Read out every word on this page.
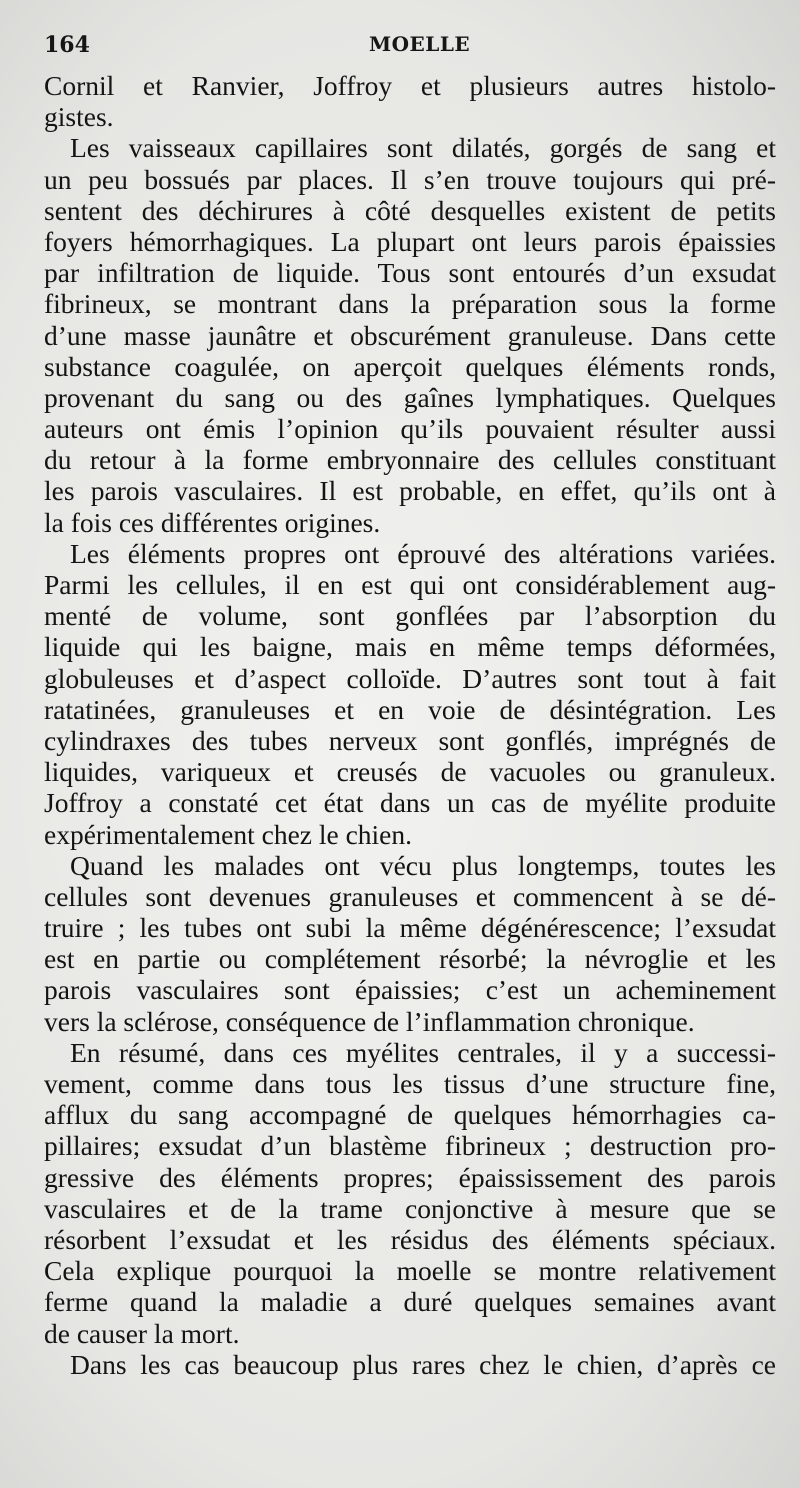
164	MOELLE
Cornil et Ranvier, Joffroy et plusieurs autres histolo-
gistes.
Les vaisseaux capillaires sont dilatés, gorgés de sang et
un peu bossués par places. Il s’en trouve toujours qui pré-
sentent des déchirures à côté desquelles existent de petits
foyers hémorrhagiques. La plupart ont leurs parois épaissies
par infiltration de liquide. Tous sont entourés d’un exsudat
fibrineux, se montrant dans la préparation sous la forme
d’une masse jaunâtre et obscurément granuleuse. Dans cette
substance coagulée, on aperçoit quelques éléments ronds,
provenant du sang ou des gaînes lymphatiques. Quelques
auteurs ont émis l’opinion qu’ils pouvaient résulter aussi
du retour à la forme embryonnaire des cellules constituant
les parois vasculaires. Il est probable, en effet, qu’ils ont à
la fois ces différentes origines.
Les éléments propres ont éprouvé des altérations variées.
Parmi les cellules, il en est qui ont considérablement aug-
menté de volume, sont gonflées par l’absorption du
liquide qui les baigne, mais en même temps déformées,
globuleuses et d’aspect colloïde. D’autres sont tout à fait
ratatinées, granuleuses et en voie de désintégration. Les
cylindraxes des tubes nerveux sont gonflés, imprégnés de
liquides, variqueux et creusés de vacuoles ou granuleux.
Joffroy a constaté cet état dans un cas de myélite produite
expérimentalement chez le chien.
Quand les malades ont vécu plus longtemps, toutes les
cellules sont devenues granuleuses et commencent à se dé-
truire ; les tubes ont subi la même dégénérescence; l’exsudat
est en partie ou complétement résorbé; la névroglie et les
parois vasculaires sont épaissies; c’est un acheminement
vers la sclérose, conséquence de l’inflammation chronique.
En résumé, dans ces myélites centrales, il y a successi-
vement, comme dans tous les tissus d’une structure fine,
afflux du sang accompagné de quelques hémorrhagies ca-
pillaires; exsudat d’un blastème fibrineux ; destruction pro-
gressive des éléments propres; épaississement des parois
vasculaires et de la trame conjonctive à mesure que se
résorbent l’exsudat et les résidus des éléments spéciaux.
Cela explique pourquoi la moelle se montre relativement
ferme quand la maladie a duré quelques semaines avant
de causer la mort.
Dans les cas beaucoup plus rares chez le chien, d’après ce
